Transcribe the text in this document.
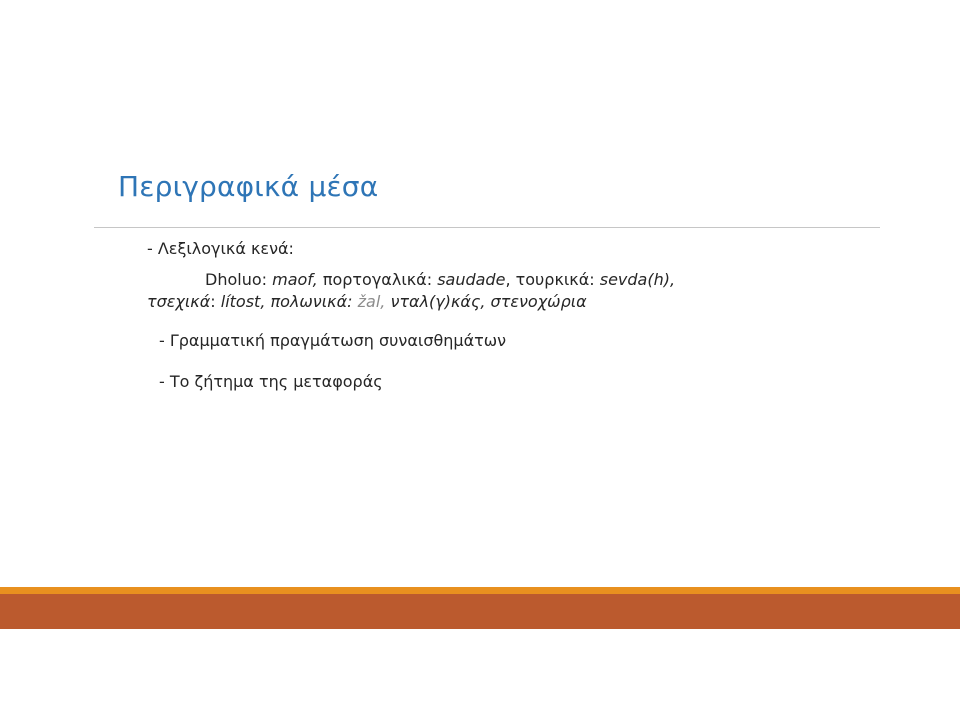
Περιγραφικά μέσα
- Λεξιλογικά κενά:
Dholuo: maof, πορτογαλικά: saudade, τουρκικά: sevda(h),
τσεχικά: lítost, πολωνικά: žal, νταλ(γ)κάς, στενοχώρια
- Γραμματική πραγμάτωση συναισθημάτων
- Το ζήτημα της μεταφοράς
